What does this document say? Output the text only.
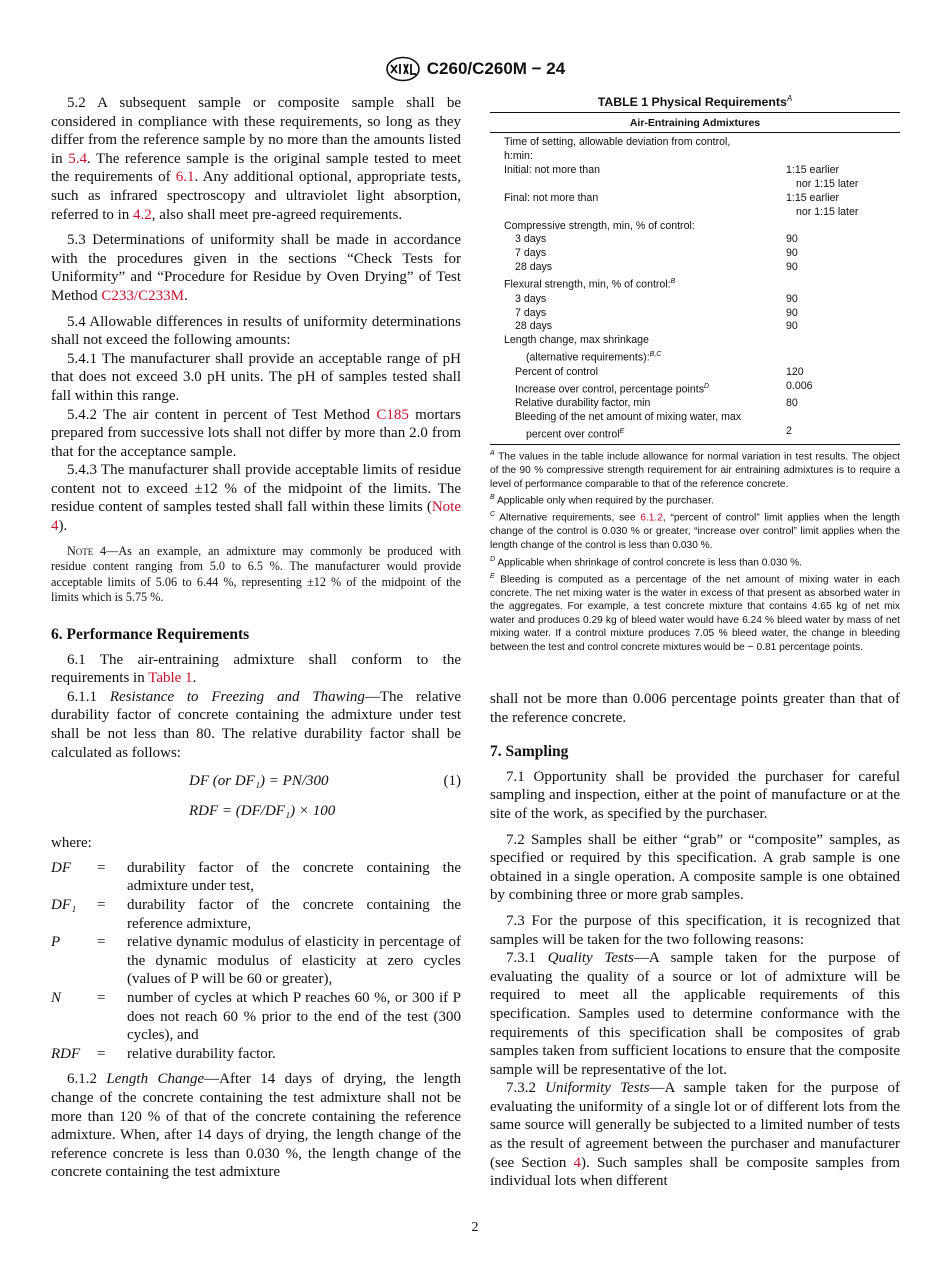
C260/C260M − 24

5.2 A subsequent sample or composite sample shall be considered in compliance with these requirements, so long as they differ from the reference sample by no more than the amounts listed in 5.4. The reference sample is the original sample tested to meet the requirements of 6.1. Any additional optional, appropriate tests, such as infrared spectroscopy and ultraviolet light absorption, referred to in 4.2, also shall meet pre-agreed requirements.

5.3 Determinations of uniformity shall be made in accordance with the procedures given in the sections “Check Tests for Uniformity” and “Procedure for Residue by Oven Drying” of Test Method C233/C233M.

5.4 Allowable differences in results of uniformity determinations shall not exceed the following amounts:

5.4.1 The manufacturer shall provide an acceptable range of pH that does not exceed 3.0 pH units. The pH of samples tested shall fall within this range.

5.4.2 The air content in percent of Test Method C185 mortars prepared from successive lots shall not differ by more than 2.0 from that for the acceptance sample.

5.4.3 The manufacturer shall provide acceptable limits of residue content not to exceed ±12 % of the midpoint of the limits. The residue content of samples tested shall fall within these limits (Note 4).

Note 4—As an example, an admixture may commonly be produced with residue content ranging from 5.0 to 6.5 %. The manufacturer would provide acceptable limits of 5.06 to 6.44 %, representing ±12 % of the midpoint of the limits which is 5.75 %.

6. Performance Requirements

6.1 The air-entraining admixture shall conform to the requirements in Table 1.

6.1.1 Resistance to Freezing and Thawing—The relative durability factor of concrete containing the admixture under test shall be not less than 80. The relative durability factor shall be calculated as follows:

DF (or DF₁) = PN/300	(1)
RDF = (DF/DF₁) × 100

where:

DF	=	durability factor of the concrete containing the admixture under test,
DF₁	=	durability factor of the concrete containing the reference admixture,
P	=	relative dynamic modulus of elasticity in percentage of the dynamic modulus of elasticity at zero cycles (values of P will be 60 or greater),
N	=	number of cycles at which P reaches 60 %, or 300 if P does not reach 60 % prior to the end of the test (300 cycles), and
RDF	=	relative durability factor.

6.1.2 Length Change—After 14 days of drying, the length change of the concrete containing the test admixture shall not be more than 120 % of that of the concrete containing the reference admixture. When, after 14 days of drying, the length change of the reference concrete is less than 0.030 %, the length change of the concrete containing the test admixture

TABLE 1 Physical Requirements$^A$
Air-Entraining Admixtures
Time of setting, allowable deviation from control,
h:min:
Initial: not more than	1:15 earlier
nor 1:15 later
Final: not more than	1:15 earlier
nor 1:15 later
Compressive strength, min, % of control:
3 days	90
7 days	90
28 days	90
Flexural strength, min, % of control:$^B$
3 days	90
7 days	90
28 days	90
Length change, max shrinkage
(alternative requirements):$^{B,C}$
Percent of control	120
Increase over control, percentage points$^D$	0.006
Relative durability factor, min	80
Bleeding of the net amount of mixing water, max
percent over control$^E$	2

$^A$ The values in the table include allowance for normal variation in test results. The object of the 90 % compressive strength requirement for air entraining admixtures is to require a level of performance comparable to that of the reference concrete.

$^B$ Applicable only when required by the purchaser.

$^C$ Alternative requirements, see 6.1.2, “percent of control” limit applies when the length change of the control is 0.030 % or greater, “increase over control” limit applies when the length change of the control is less than 0.030 %.

$^D$ Applicable when shrinkage of control concrete is less than 0.030 %.

$^E$ Bleeding is computed as a percentage of the net amount of mixing water in each concrete. The net mixing water is the water in excess of that present as absorbed water in the aggregates. For example, a test concrete mixture that contains 4.65 kg of net mix water and produces 0.29 kg of bleed water would have 6.24 % bleed water by mass of net mixing water. If a control mixture produces 7.05 % bleed water, the change in bleeding between the test and control concrete mixtures would be − 0.81 percentage points.

shall not be more than 0.006 percentage points greater than that of the reference concrete.

7. Sampling

7.1 Opportunity shall be provided the purchaser for careful sampling and inspection, either at the point of manufacture or at the site of the work, as specified by the purchaser.

7.2 Samples shall be either “grab” or “composite” samples, as specified or required by this specification. A grab sample is one obtained in a single operation. A composite sample is one obtained by combining three or more grab samples.

7.3 For the purpose of this specification, it is recognized that samples will be taken for the two following reasons:

7.3.1 Quality Tests—A sample taken for the purpose of evaluating the quality of a source or lot of admixture will be required to meet all the applicable requirements of this specification. Samples used to determine conformance with the requirements of this specification shall be composites of grab samples taken from sufficient locations to ensure that the composite sample will be representative of the lot.

7.3.2 Uniformity Tests—A sample taken for the purpose of evaluating the uniformity of a single lot or of different lots from the same source will generally be subjected to a limited number of tests as the result of agreement between the purchaser and manufacturer (see Section 4). Such samples shall be composite samples from individual lots when different

2
